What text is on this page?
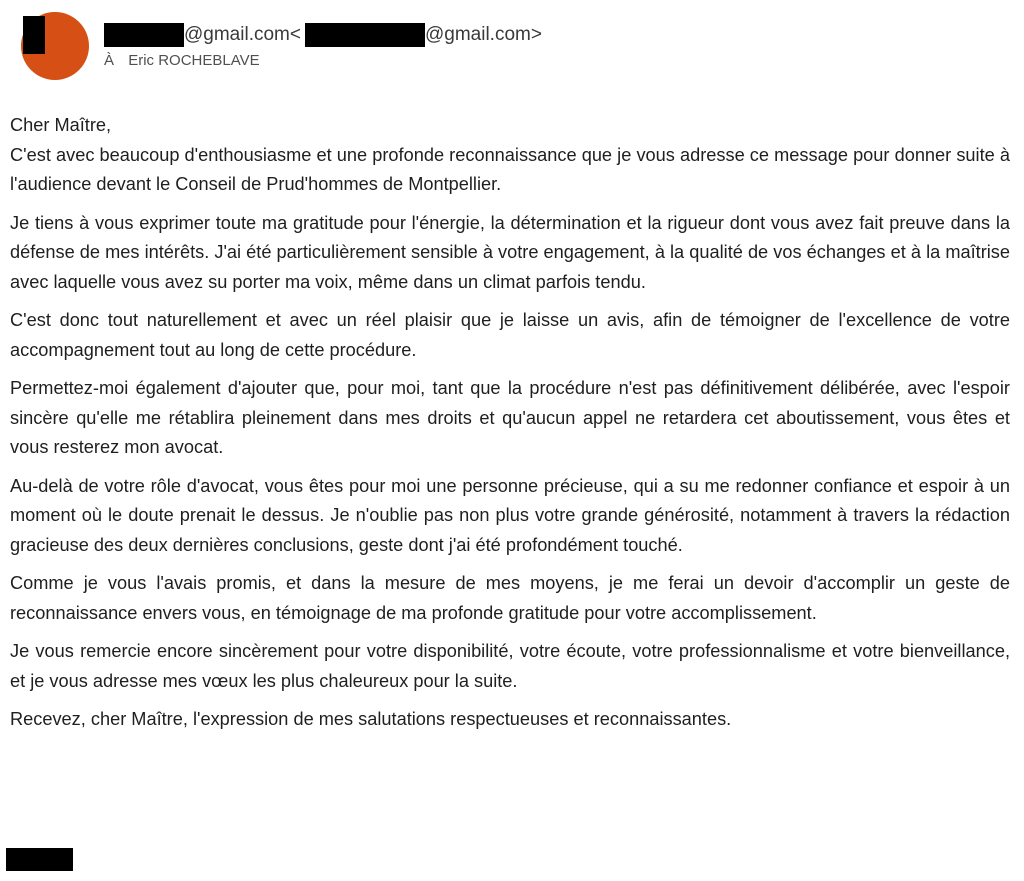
@gmail.com <	@gmail.com>
À Eric ROCHEBLAVE

Cher Maître,

C'est avec beaucoup d'enthousiasme et une profonde reconnaissance que je vous adresse ce message pour donner suite à l'audience devant le Conseil de Prud'hommes de Montpellier.

Je tiens à vous exprimer toute ma gratitude pour l'énergie, la détermination et la rigueur dont vous avez fait preuve dans la défense de mes intérêts. J'ai été particulièrement sensible à votre engagement, à la qualité de vos échanges et à la maîtrise avec laquelle vous avez su porter ma voix, même dans un climat parfois tendu.

C'est donc tout naturellement et avec un réel plaisir que je laisse un avis, afin de témoigner de l'excellence de votre accompagnement tout au long de cette procédure.

Permettez-moi également d'ajouter que, pour moi, tant que la procédure n'est pas définitivement délibérée, avec l'espoir sincère qu'elle me rétablira pleinement dans mes droits et qu'aucun appel ne retardera cet aboutissement, vous êtes et vous resterez mon avocat.

Au-delà de votre rôle d'avocat, vous êtes pour moi une personne précieuse, qui a su me redonner confiance et espoir à un moment où le doute prenait le dessus. Je n'oublie pas non plus votre grande générosité, notamment à travers la rédaction gracieuse des deux dernières conclusions, geste dont j'ai été profondément touché.

Comme je vous l'avais promis, et dans la mesure de mes moyens, je me ferai un devoir d'accomplir un geste de reconnaissance envers vous, en témoignage de ma profonde gratitude pour votre accomplissement.

Je vous remercie encore sincèrement pour votre disponibilité, votre écoute, votre professionnalisme et votre bienveillance, et je vous adresse mes vœux les plus chaleureux pour la suite.

Recevez, cher Maître, l'expression de mes salutations respectueuses et reconnaissantes.
